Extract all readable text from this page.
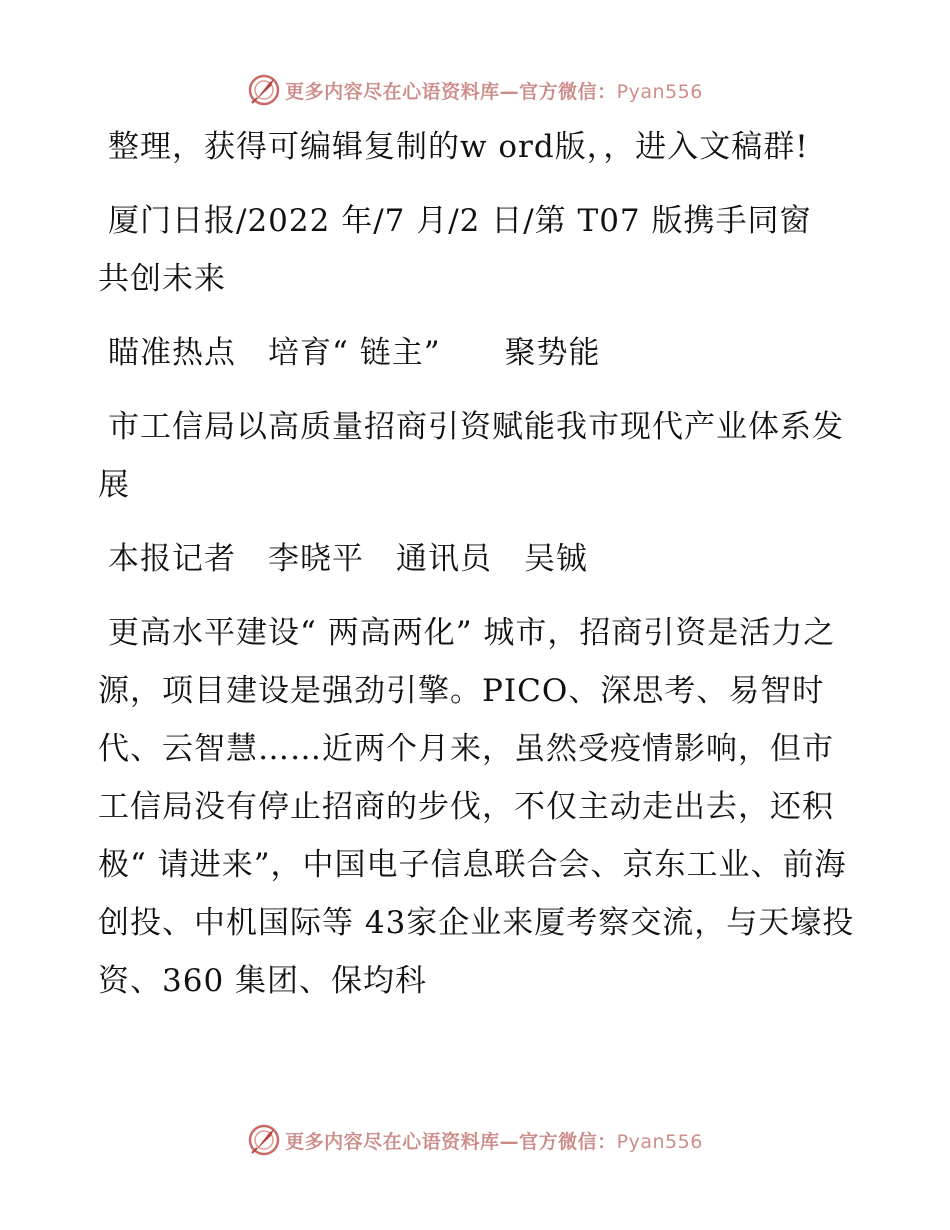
更多内容尽在心语资料库—官方微信：Pyan556

整理，获得可编辑复制的w ord版，，进入文稿群!

厦门日报/2022 年/7 月/2 日/第 T07 版携手同窗　共创未来

瞄准热点　培育“ 链主”　　聚势能

市工信局以高质量招商引资赋能我市现代产业体系发展

本报记者　李晓平　通讯员　吴铖

更高水平建设“ 两高两化” 城市，招商引资是活力之源，项目建设是强劲引擎。PICO、深思考、易智时代、云智慧……近两个月来，虽然受疫情影响，但市工信局没有停止招商的步伐，不仅主动走出去，还积极“ 请进来”，中国电子信息联合会、京东工业、前海创投、中机国际等 43家企业来厦考察交流，与天壕投资、360 集团、保均科

更多内容尽在心语资料库—官方微信：Pyan556
